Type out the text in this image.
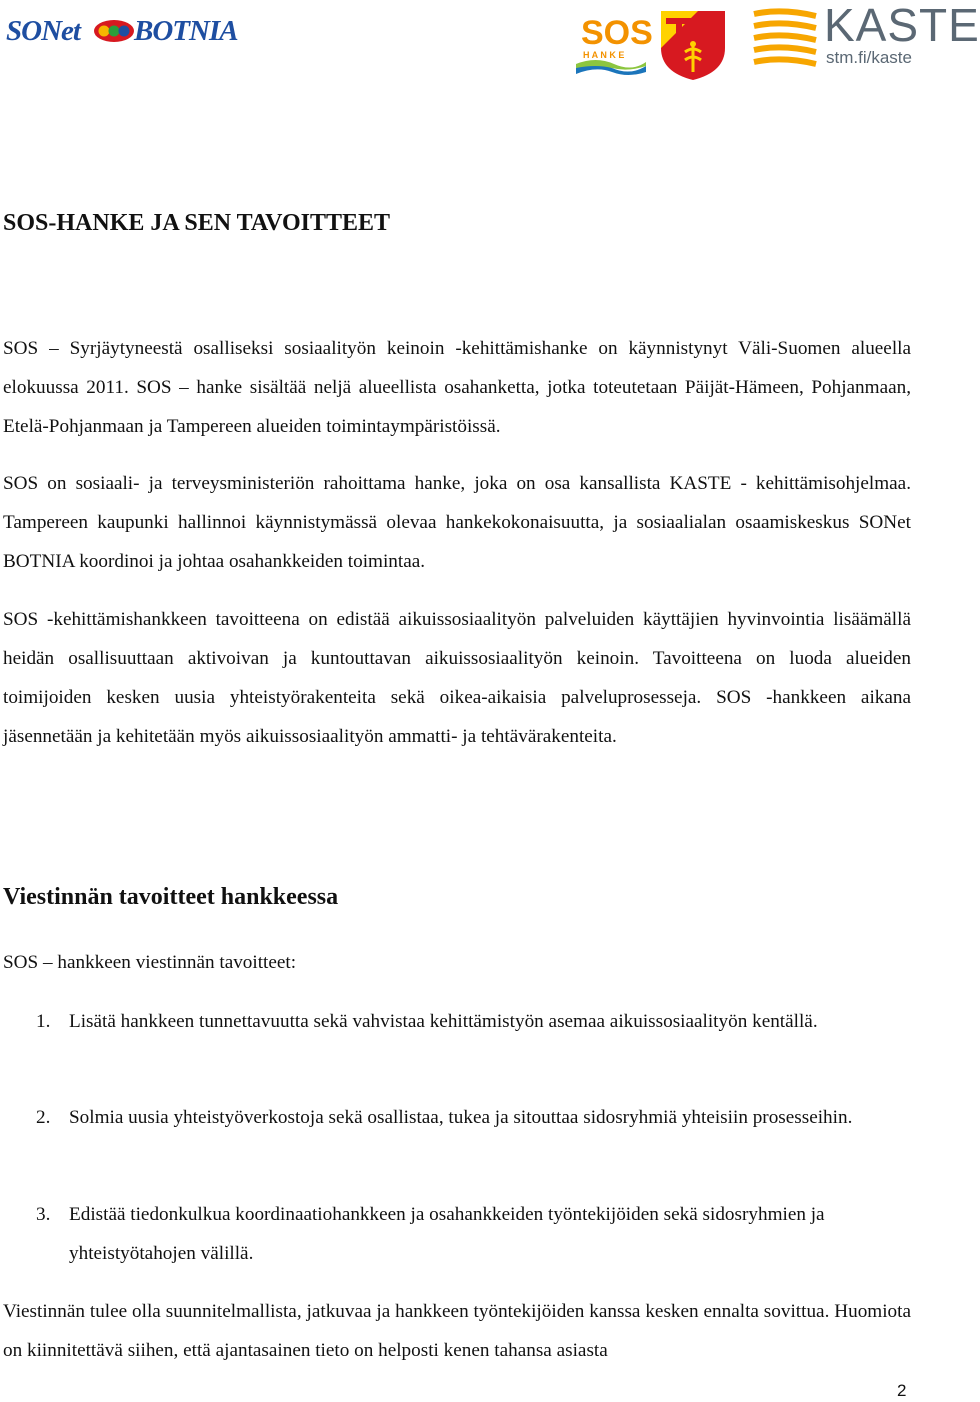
SONet BOTNIA	SOS
H A N K E
KASTE
stm.fi/kaste
SOS-HANKE JA SEN TAVOITTEET
SOS – Syrjäytyneestä osalliseksi sosiaalityön keinoin -kehittämishanke on käynnistynyt Väli-Suomen alueella elokuussa 2011. SOS – hanke sisältää neljä alueellista osahanketta, jotka toteutetaan Päijät-Hämeen, Pohjanmaan, Etelä-Pohjanmaan ja Tampereen alueiden toimintaympäristöissä.
SOS on sosiaali- ja terveysministeriön rahoittama hanke, joka on osa kansallista KASTE - kehittämisohjelmaa. Tampereen kaupunki hallinnoi käynnistymässä olevaa hankekokonaisuutta, ja sosiaalialan osaamiskeskus SONet BOTNIA koordinoi ja johtaa osahankkeiden toimintaa.
SOS -kehittämishankkeen tavoitteena on edistää aikuissosiaalityön palveluiden käyttäjien hyvinvointia lisäämällä heidän osallisuuttaan aktivoivan ja kuntouttavan aikuissosiaalityön keinoin. Tavoitteena on luoda alueiden toimijoiden kesken uusia yhteistyörakenteita sekä oikea-aikaisia palveluprosesseja. SOS -hankkeen aikana jäsennetään ja kehitetään myös aikuissosiaalityön ammatti- ja tehtävärakenteita.
Viestinnän tavoitteet hankkeessa
SOS – hankkeen viestinnän tavoitteet:
1. Lisätä hankkeen tunnettavuutta sekä vahvistaa kehittämistyön asemaa aikuissosiaalityön kentällä.
2. Solmia uusia yhteistyöverkostoja sekä osallistaa, tukea ja sitouttaa sidosryhmiä yhteisiin prosesseihin.
3. Edistää tiedonkulkua koordinaatiohankkeen ja osahankkeiden työntekijöiden sekä sidosryhmien ja yhteistyötahojen välillä.
Viestinnän tulee olla suunnitelmallista, jatkuvaa ja hankkeen työntekijöiden kanssa kesken ennalta sovittua. Huomiota on kiinnitettävä siihen, että ajantasainen tieto on helposti kenen tahansa asiasta
2
